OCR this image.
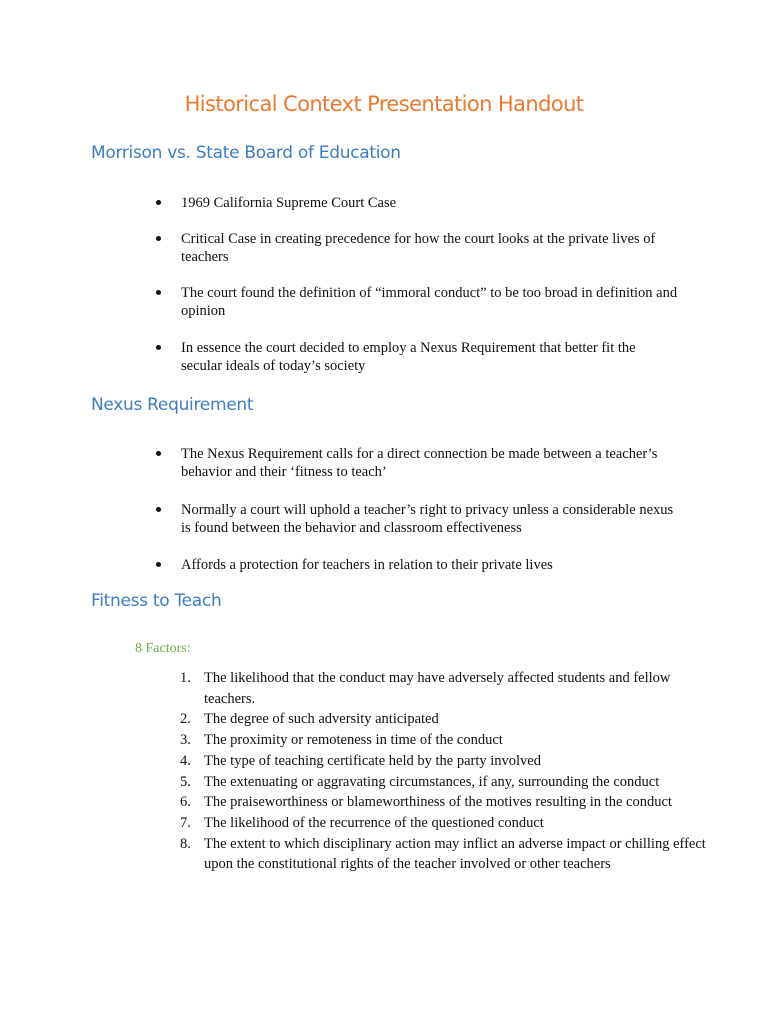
Historical Context Presentation Handout
Morrison vs. State Board of Education
1969 California Supreme Court Case
Critical Case in creating precedence for how the court looks at the private lives of teachers
The court found the definition of “immoral conduct” to be too broad in definition and opinion
In essence the court decided to employ a Nexus Requirement that better fit the secular ideals of today’s society
Nexus Requirement
The Nexus Requirement calls for a direct connection be made between a teacher’s behavior and their ‘fitness to teach’
Normally a court will uphold a teacher’s right to privacy unless a considerable nexus is found between the behavior and classroom effectiveness
Affords a protection for teachers in relation to their private lives
Fitness to Teach

8 Factors:

1. The likelihood that the conduct may have adversely affected students and fellow teachers.
2. The degree of such adversity anticipated
3. The proximity or remoteness in time of the conduct
4. The type of teaching certificate held by the party involved
5. The extenuating or aggravating circumstances, if any, surrounding the conduct
6. The praiseworthiness or blameworthiness of the motives resulting in the conduct
7. The likelihood of the recurrence of the questioned conduct
8. The extent to which disciplinary action may inflict an adverse impact or chilling effect upon the constitutional rights of the teacher involved or other teachers
